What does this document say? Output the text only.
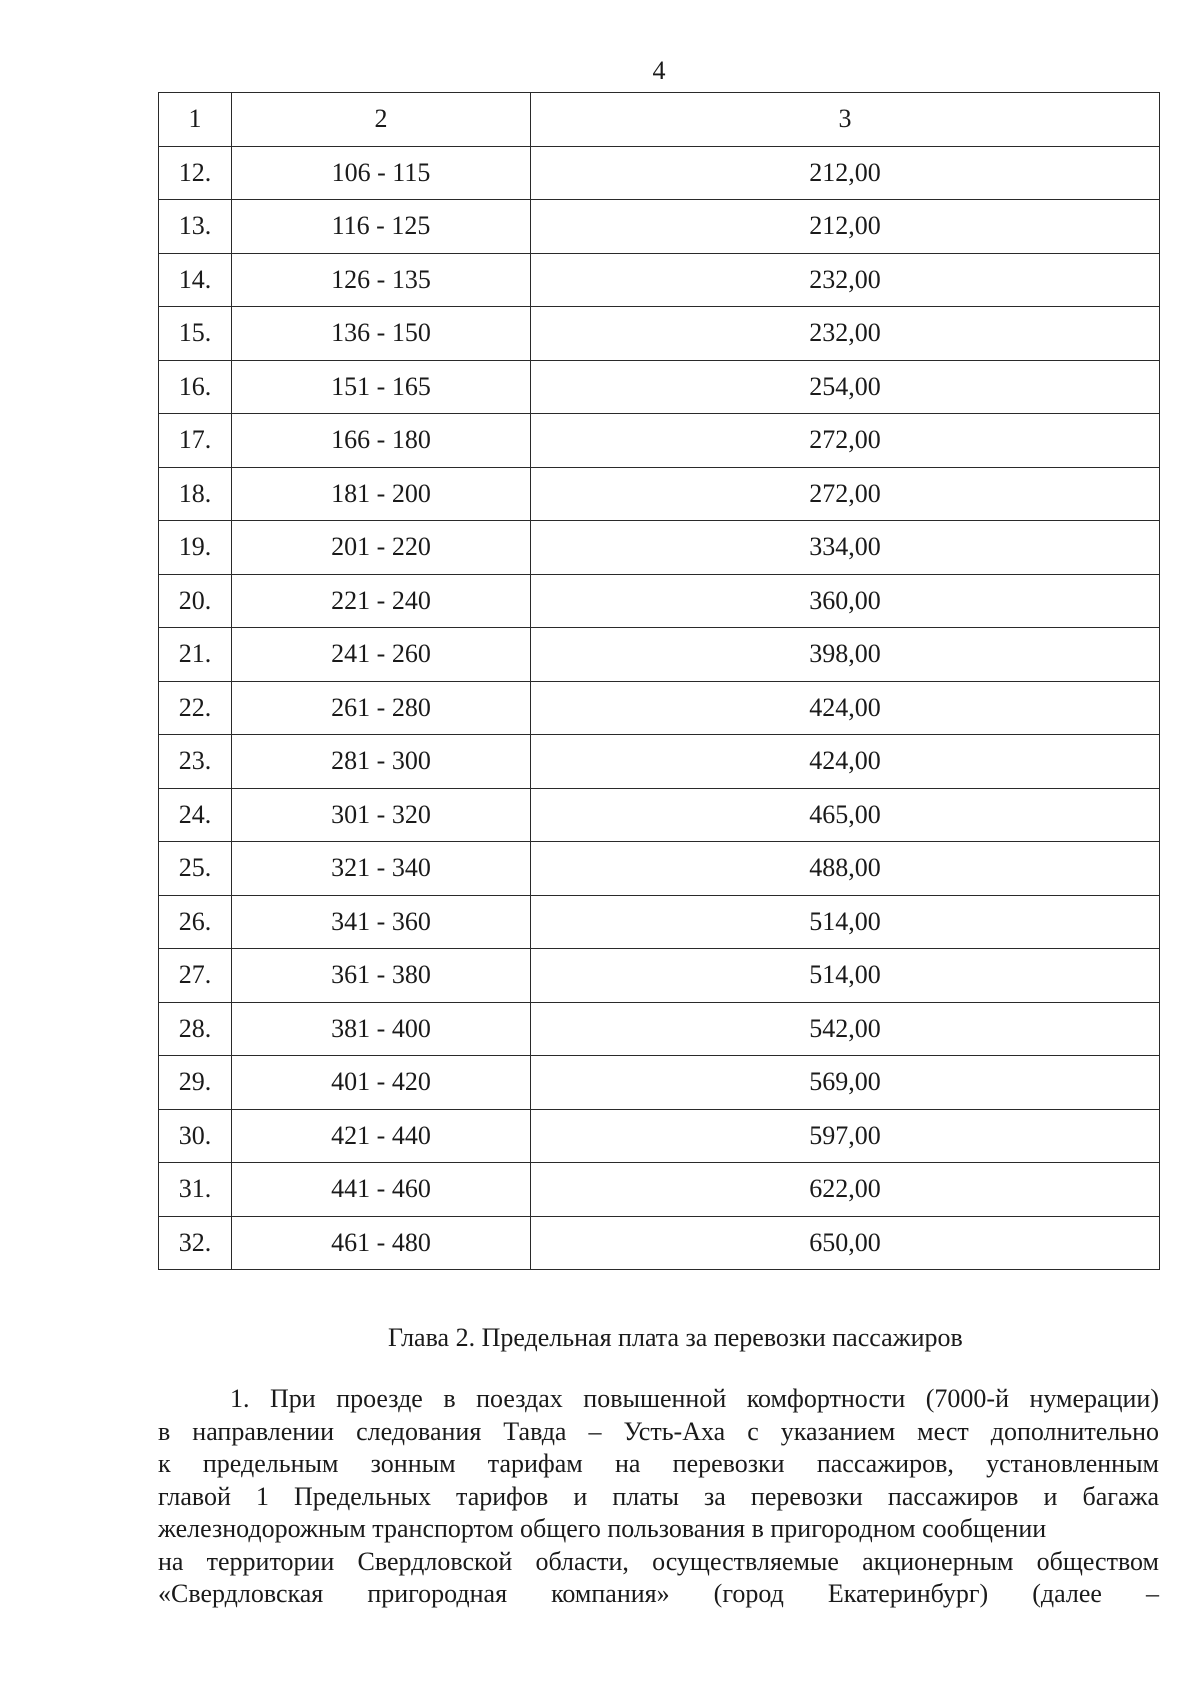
4
1	2	3
12.	106 - 115	212,00
13.	116 - 125	212,00
14.	126 - 135	232,00
15.	136 - 150	232,00
16.	151 - 165	254,00
17.	166 - 180	272,00
18.	181 - 200	272,00
19.	201 - 220	334,00
20.	221 - 240	360,00
21.	241 - 260	398,00
22.	261 - 280	424,00
23.	281 - 300	424,00
24.	301 - 320	465,00
25.	321 - 340	488,00
26.	341 - 360	514,00
27.	361 - 380	514,00
28.	381 - 400	542,00
29.	401 - 420	569,00
30.	421 - 440	597,00
31.	441 - 460	622,00
32.	461 - 480	650,00
Глава 2. Предельная плата за перевозки пассажиров
1. При проезде в поездах повышенной комфортности (7000-й нумерации)
в направлении следования Тавда – Усть-Аха с указанием мест дополнительно
к предельным зонным тарифам на перевозки пассажиров, установленным
главой 1 Предельных тарифов и платы за перевозки пассажиров и багажа
железнодорожным транспортом общего пользования в пригородном сообщении
на территории Свердловской области, осуществляемые акционерным обществом
«Свердловская пригородная компания» (город Екатеринбург) (далее –
